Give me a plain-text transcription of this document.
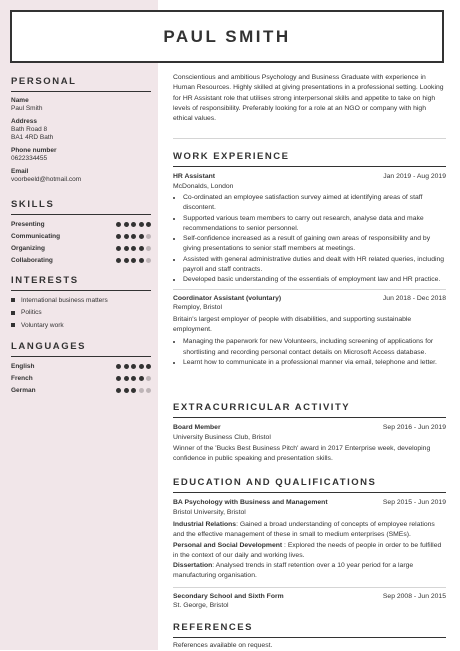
PAUL SMITH
PERSONAL
Name
Paul Smith
Address
Bath Road 8
BA1 4RD Bath
Phone number
0622334455
Email
voorbeeld@hotmail.com
SKILLS
Presenting
Communicating
Organizing
Collaborating
INTERESTS
International business matters
Politics
Voluntary work
LANGUAGES
English
French
German

Conscientious and ambitious Psychology and Business Graduate with experience in Human Resources. Highly skilled at giving presentations in a professional setting. Looking for HR Assistant role that utilises strong interpersonal skills and appetite to take on high levels of responsibility. Preferably looking for a role at an NGO or company with high ethical values.

WORK EXPERIENCE
HR Assistant	Jan 2019 - Aug 2019
McDonalds, London
• Co-ordinated an employee satisfaction survey aimed at identifying areas of staff discontent.
• Supported various team members to carry out research, analyse data and make recommendations to senior personnel.
• Self-confidence increased as a result of gaining own areas of responsibility and by giving presentations to senior staff members at meetings.
• Assisted with general administrative duties and dealt with HR related queries, including payroll and staff contracts.
• Developed basic understanding of the essentials of employment law and HR practice.
Coordinator Assistant (voluntary)	Jun 2018 - Dec 2018
Remploy, Bristol
Britain's largest employer of people with disabilities, and supporting sustainable employment.
• Managing the paperwork for new Volunteers, including screening of applications for shortlisting and recording personal contact details on Microsoft Access database.
• Learnt how to communicate in a professional manner via email, telephone and letter.
EXTRACURRICULAR ACTIVITY
Board Member	Sep 2016 - Jun 2019
University Business Club, Bristol
Winner of the 'Bucks Best Business Pitch' award in 2017 Enterprise week, developing confidence in public speaking and presentation skills.
EDUCATION AND QUALIFICATIONS
BA Psychology with Business and Management	Sep 2015 - Jun 2019
Bristol University, Bristol
Industrial Relations: Gained a broad understanding of concepts of employee relations and the effective management of these in small to medium enterprises (SMEs).
Personal and Social Development : Explored the needs of people in order to be fulfilled in the context of our daily and working lives.
Dissertation: Analysed trends in staff retention over a 10 year period for a large manufacturing organisation.
Secondary School and Sixth Form	Sep 2008 - Jun 2015
St. George, Bristol
REFERENCES
References available on request.
